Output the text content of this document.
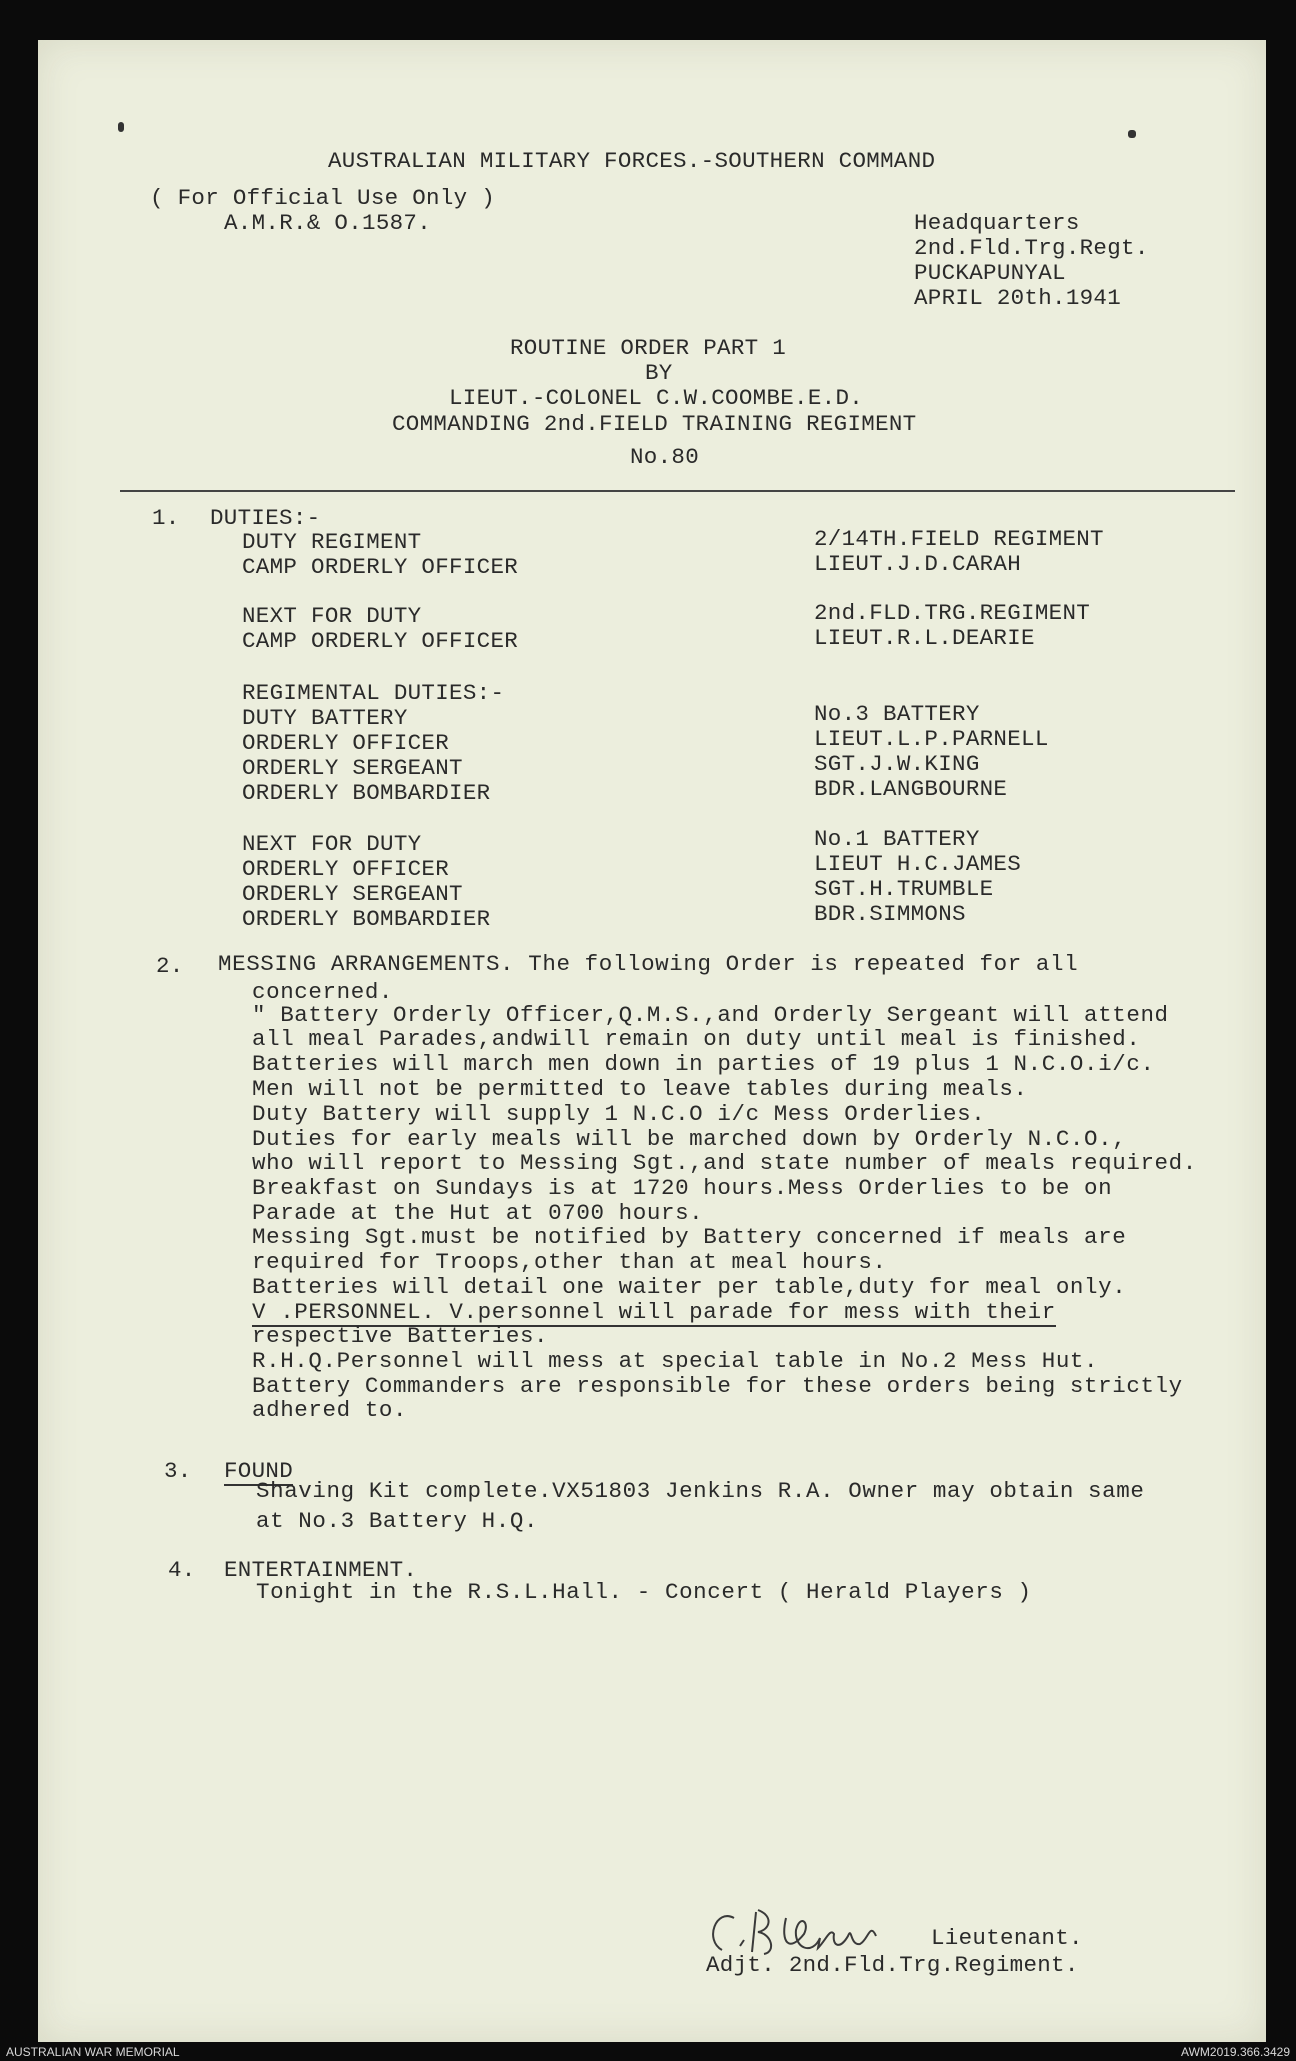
AUSTRALIAN MILITARY FORCES.-SOUTHERN COMMAND
( For Official Use Only )
A.M.R.& O.1587.	Headquarters
2nd.Fld.Trg.Regt.
PUCKAPUNYAL
APRIL 20th.1941
ROUTINE ORDER PART 1
BY
LIEUT.-COLONEL C.W.COOMBE.E.D.
COMMANDING 2nd.FIELD TRAINING REGIMENT
No.80
1. DUTIES:-
DUTY REGIMENT	2/14TH.FIELD REGIMENT
CAMP ORDERLY OFFICER	LIEUT.J.D.CARAH
NEXT FOR DUTY	2nd.FLD.TRG.REGIMENT
CAMP ORDERLY OFFICER	LIEUT.R.L.DEARIE
REGIMENTAL DUTIES:-
DUTY BATTERY	No.3 BATTERY
ORDERLY OFFICER	LIEUT.L.P.PARNELL
ORDERLY SERGEANT	SGT.J.W.KING
ORDERLY BOMBARDIER	BDR.LANGBOURNE
NEXT FOR DUTY	No.1 BATTERY
ORDERLY OFFICER	LIEUT H.C.JAMES
ORDERLY SERGEANT	SGT.H.TRUMBLE
ORDERLY BOMBARDIER	BDR.SIMMONS
2. MESSING ARRANGEMENTS. The following Order is repeated for all
concerned.
" Battery Orderly Officer,Q.M.S.,and Orderly Sergeant will attend
all meal Parades,andwill remain on duty until meal is finished.
Batteries will march men down in parties of 19 plus 1 N.C.O.i/c.
Men will not be permitted to leave tables during meals.
Duty Battery will supply 1 N.C.O i/c Mess Orderlies.
Duties for early meals will be marched down by Orderly N.C.O.,
who will report to Messing Sgt.,and state number of meals required.
Breakfast on Sundays is at 1720 hours.Mess Orderlies to be on
Parade at the Hut at 0700 hours.
Messing Sgt.must be notified by Battery concerned if meals are
required for Troops,other than at meal hours.
Batteries will detail one waiter per table,duty for meal only.
V .PERSONNEL. V.personnel will parade for mess with their
respective Batteries.
R.H.Q.Personnel will mess at special table in No.2 Mess Hut.
Battery Commanders are responsible for these orders being strictly
adhered to.
3. FOUND
Shaving Kit complete.VX51803 Jenkins R.A. Owner may obtain same
at No.3 Battery H.Q.
4. ENTERTAINMENT.
Tonight in the R.S.L.Hall. - Concert ( Herald Players )
Lieutenant.
Adjt. 2nd.Fld.Trg.Regiment.
AUSTRALIAN WAR MEMORIAL	AWM2019.366.3429
